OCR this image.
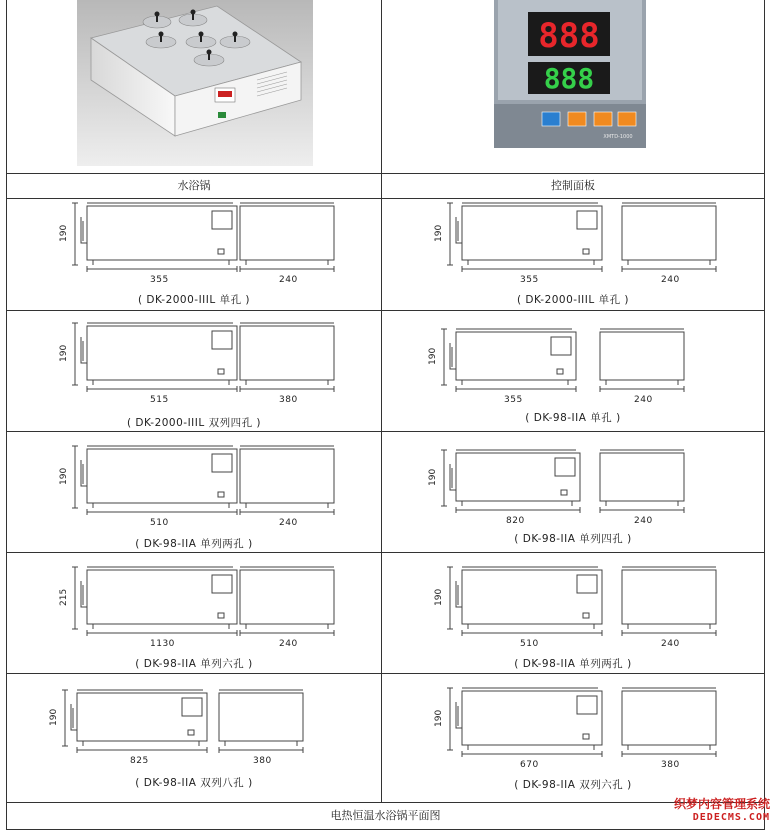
888
888
XMTD-1000
水浴锅	控制面板
电热恒温水浴锅平面图
190
355	240
( DK-2000-IIIL 单孔 )
190
355	240
( DK-2000-IIIL 单孔 )
190
515	380
( DK-2000-IIIL 双列四孔 )
190
355	240
( DK-98-IIA 单孔 )
190
510	240
( DK-98-IIA 单列两孔 )
190
820	240
( DK-98-IIA 单列四孔 )
215
1130	240
( DK-98-IIA 单列六孔 )
190
510	240
( DK-98-IIA 单列两孔 )
190
825	380
( DK-98-IIA 双列八孔 )
190
670	380
( DK-98-IIA 双列六孔 )
织梦内容管理系统
DEDECMS.COM
